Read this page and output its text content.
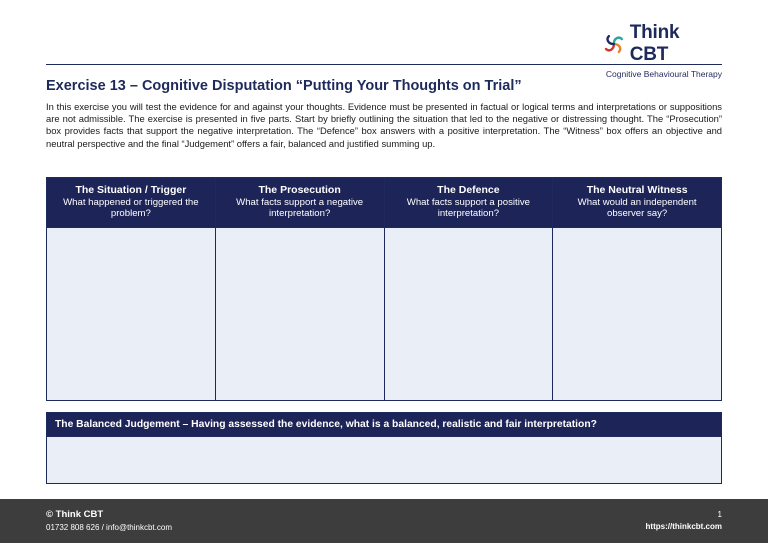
Think CBT
Cognitive Behavioural Therapy
Exercise 13 – Cognitive Disputation “Putting Your Thoughts on Trial”

In this exercise you will test the evidence for and against your thoughts. Evidence must be presented in factual or logical terms and interpretations or suppositions are not admissible. The exercise is presented in five parts. Start by briefly outlining the situation that led to the negative or distressing thought. The “Prosecution” box provides facts that support the negative interpretation. The “Defence” box answers with a positive interpretation. The “Witness” box offers an objective and neutral perspective and the final “Judgement” offers a fair, balanced and justified summing up.

The Situation / Trigger
What happened or triggered the problem?
The Prosecution
What facts support a negative interpretation?
The Defence
What facts support a positive interpretation?
The Neutral Witness
What would an independent observer say?
The Balanced Judgement – Having assessed the evidence, what is a balanced, realistic and fair interpretation?
© Think CBT
01732 808 626 / info@thinkcbt.com
1
https://thinkcbt.com
